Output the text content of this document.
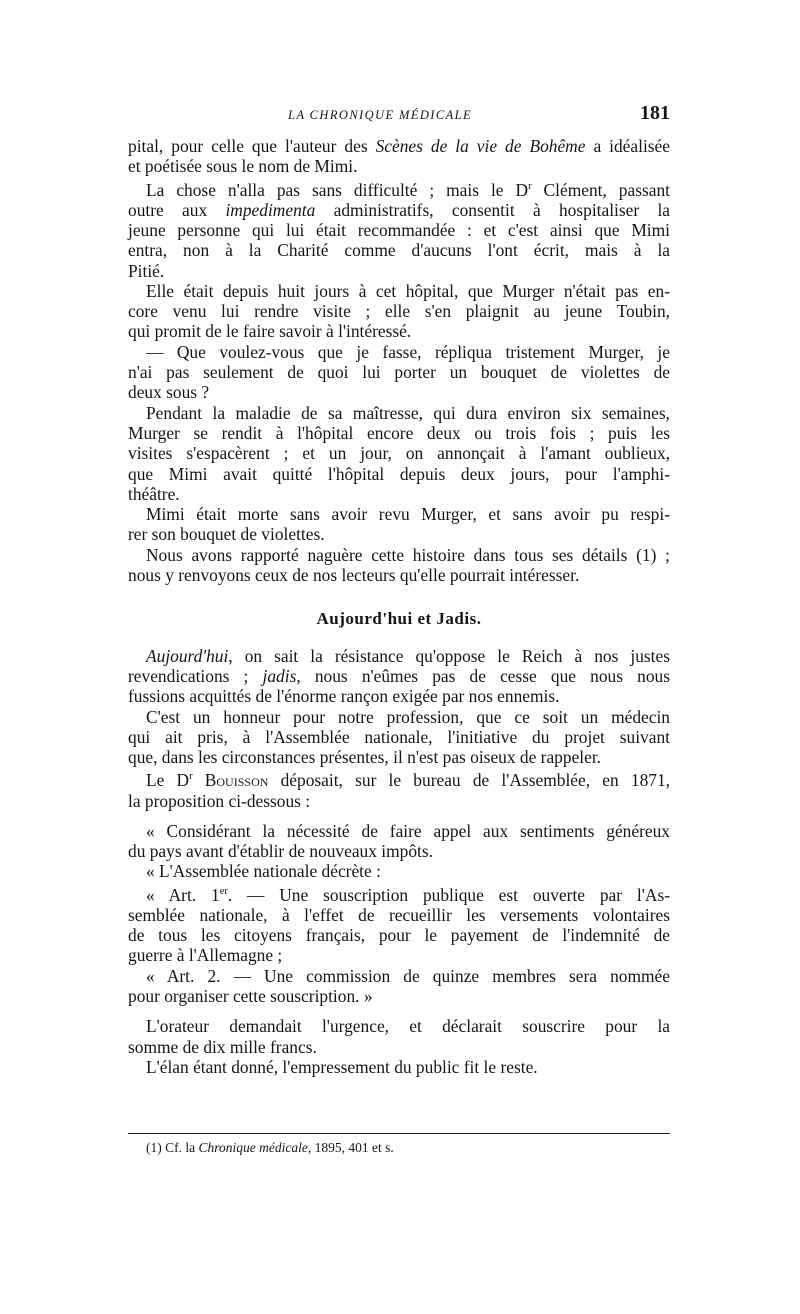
LA CHRONIQUE MÉDICALE	181
pital, pour celle que l'auteur des Scènes de la vie de Bohême a idéalisée
et poétisée sous le nom de Mimi.
La chose n'alla pas sans difficulté ; mais le $D^r$ Clément, passant
outre aux impedimenta administratifs, consentit à hospitaliser la
jeune personne qui lui était recommandée : et c'est ainsi que Mimi
entra, non à la Charité comme d'aucuns l'ont écrit, mais à la
Pitié.
Elle était depuis huit jours à cet hôpital, que Murger n'était pas en-
core venu lui rendre visite ; elle s'en plaignit au jeune Toubin,
qui promit de le faire savoir à l'intéressé.
— Que voulez-vous que je fasse, répliqua tristement Murger, je
n'ai pas seulement de quoi lui porter un bouquet de violettes de
deux sous ?
Pendant la maladie de sa maîtresse, qui dura environ six semaines,
Murger se rendit à l'hôpital encore deux ou trois fois ; puis les
visites s'espacèrent ; et un jour, on annonçait à l'amant oublieux,
que Mimi avait quitté l'hôpital depuis deux jours, pour l'amphi-
théâtre.
Mimi était morte sans avoir revu Murger, et sans avoir pu respi-
rer son bouquet de violettes.
Nous avons rapporté naguère cette histoire dans tous ses détails (1) ;
nous y renvoyons ceux de nos lecteurs qu'elle pourrait intéresser.
Aujourd'hui et Jadis.
Aujourd'hui, on sait la résistance qu'oppose le Reich à nos justes
revendications ; jadis, nous n'eûmes pas de cesse que nous nous
fussions acquittés de l'énorme rançon exigée par nos ennemis.
C'est un honneur pour notre profession, que ce soit un médecin
qui ait pris, à l'Assemblée nationale, l'initiative du projet suivant
que, dans les circonstances présentes, il n'est pas oiseux de rappeler.
Le $D^r$ Bouisson déposait, sur le bureau de l'Assemblée, en 1871,
la proposition ci-dessous :
« Considérant la nécessité de faire appel aux sentiments généreux
du pays avant d'établir de nouveaux impôts.
« L'Assemblée nationale décrète :
« Art. 1er. — Une souscription publique est ouverte par l'As-
semblée nationale, à l'effet de recueillir les versements volontaires
de tous les citoyens français, pour le payement de l'indemnité de
guerre à l'Allemagne ;
« Art. 2. — Une commission de quinze membres sera nommée
pour organiser cette souscription. »
L'orateur demandait l'urgence, et déclarait souscrire pour la
somme de dix mille francs.
L'élan étant donné, l'empressement du public fit le reste.
(1) Cf. la Chronique médicale, 1895, 401 et s.
